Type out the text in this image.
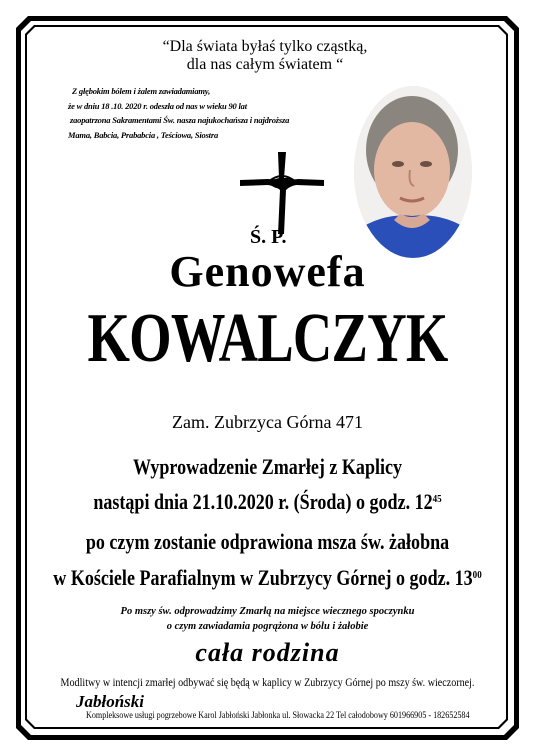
“Dla świata byłaś tylko cząstką,
dla nas całym światem “
Z głębokim bólem i żalem zawiadamiamy,
że w dniu 18 .10. 2020 r. odeszła od nas w wieku 90 lat
zaopatrzona Sakramentami Św. nasza najukochańsza i najdroższa
Mama, Babcia, Prababcia , Teściowa, Siostra
Ś. P.
Genowefa
KOWALCZYK
Zam. Zubrzyca Górna 471
Wyprowadzenie Zmarłej z Kaplicy
nastąpi dnia 21.10.2020 r. (Środa) o godz. $12^{45}$
po czym zostanie odprawiona msza św. żałobna
w Kościele Parafialnym w Zubrzycy Górnej o godz. $13^{00}$
Po mszy św. odprowadzimy Zmarłą na miejsce wiecznego spoczynku
o czym zawiadamia pogrążona w bólu i żałobie
cała rodzina
Modlitwy w intencji zmarłej odbywać się będą w kaplicy w Zubrzycy Górnej po mszy św. wieczornej.
Jabłoński
Kompleksowe usługi pogrzebowe Karol Jabłoński Jabłonka ul. Słowacka 22 Tel całodobowy 601966905 - 182652584
